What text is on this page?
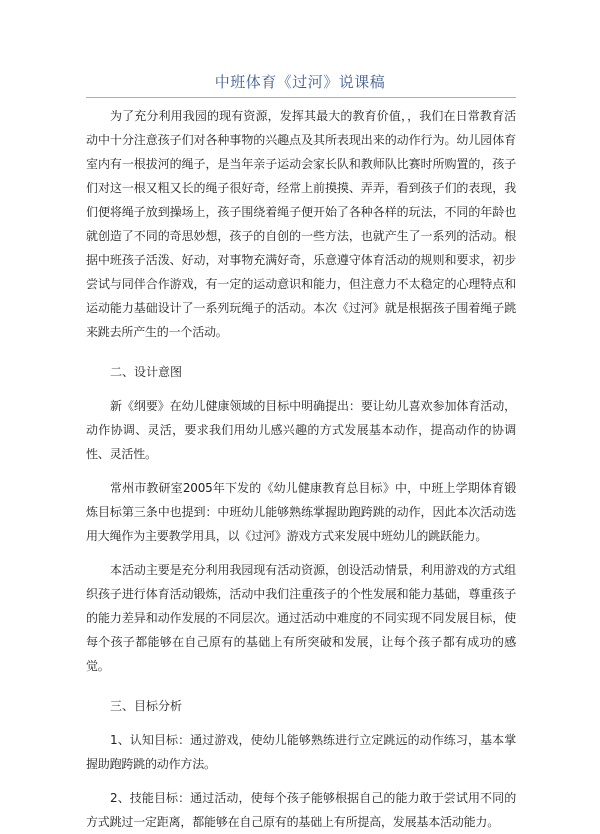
中班体育《过河》说课稿

为了充分利用我园的现有资源，发挥其最大的教育价值，，我们在日常教育活动中十分注意孩子们对各种事物的兴趣点及其所表现出来的动作行为。幼儿园体育室内有一根拔河的绳子，是当年亲子运动会家长队和教师队比赛时所购置的，孩子们对这一根又粗又长的绳子很好奇，经常上前摸摸、弄弄，看到孩子们的表现，我们便将绳子放到操场上，孩子围绕着绳子便开始了各种各样的玩法，不同的年龄也就创造了不同的奇思妙想，孩子的自创的一些方法，也就产生了一系列的活动。根据中班孩子活泼、好动，对事物充满好奇，乐意遵守体育活动的规则和要求，初步尝试与同伴合作游戏，有一定的运动意识和能力，但注意力不太稳定的心理特点和运动能力基础设计了一系列玩绳子的活动。本次《过河》就是根据孩子围着绳子跳来跳去所产生的一个活动。

二、设计意图

新《纲要》在幼儿健康领域的目标中明确提出：要让幼儿喜欢参加体育活动，动作协调、灵活，要求我们用幼儿感兴趣的方式发展基本动作，提高动作的协调性、灵活性。

常州市教研室2005年下发的《幼儿健康教育总目标》中，中班上学期体育锻炼目标第三条中也提到：中班幼儿能够熟练掌握助跑跨跳的动作，因此本次活动选用大绳作为主要教学用具，以《过河》游戏方式来发展中班幼儿的跳跃能力。

本活动主要是充分利用我园现有活动资源，创设活动情景，利用游戏的方式组织孩子进行体育活动锻炼，活动中我们注重孩子的个性发展和能力基础，尊重孩子的能力差异和动作发展的不同层次。通过活动中难度的不同实现不同发展目标，使每个孩子都能够在自己原有的基础上有所突破和发展，让每个孩子都有成功的感觉。

三、目标分析

1、认知目标：通过游戏，使幼儿能够熟练进行立定跳远的动作练习，基本掌握助跑跨跳的动作方法。

2、技能目标：通过活动，使每个孩子能够根据自己的能力敢于尝试用不同的方式跳过一定距离，都能够在自己原有的基础上有所提高，发展基本活动能力。
